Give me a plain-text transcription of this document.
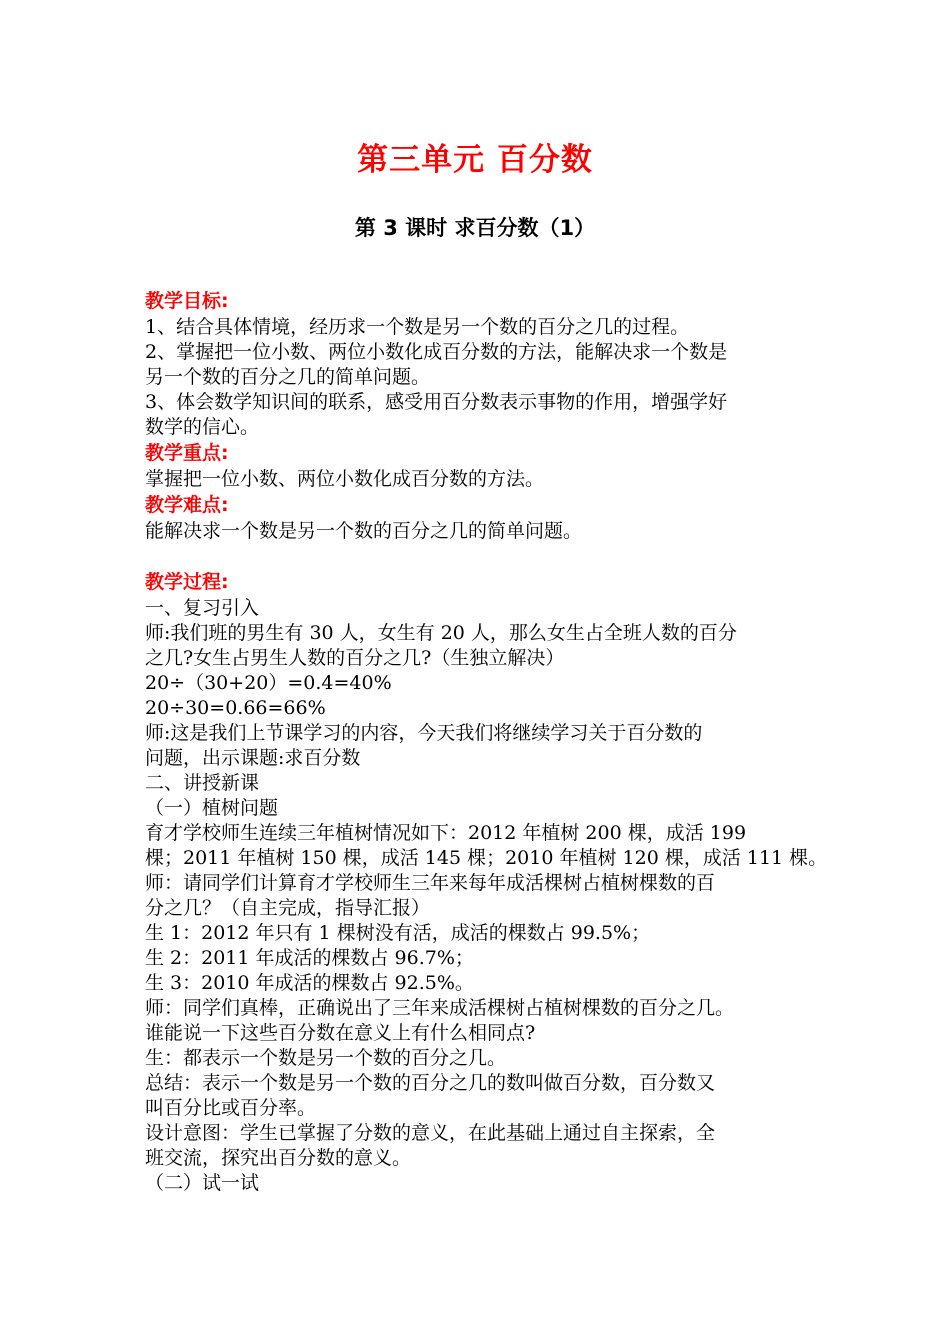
第三单元 百分数
第 3 课时 求百分数（1）

教学目标:

1、结合具体情境，经历求一个数是另一个数的百分之几的过程。

2、掌握把一位小数、两位小数化成百分数的方法，能解决求一个数是

另一个数的百分之几的简单问题。

3、体会数学知识间的联系，感受用百分数表示事物的作用，增强学好

数学的信心。

教学重点:

掌握把一位小数、两位小数化成百分数的方法。

教学难点:

能解决求一个数是另一个数的百分之几的简单问题。

教学过程:

一、复习引入

师:我们班的男生有 30 人，女生有 20 人，那么女生占全班人数的百分

之几?女生占男生人数的百分之几?（生独立解决）

20÷（30+20）=0.4=40%

20÷30=0.66=66%

师:这是我们上节课学习的内容，今天我们将继续学习关于百分数的

问题，出示课题:求百分数

二、讲授新课

（一）植树问题

育才学校师生连续三年植树情况如下：2012 年植树 200 棵，成活 199

棵；2011 年植树 150 棵，成活 145 棵；2010 年植树 120 棵，成活 111 棵。

师：请同学们计算育才学校师生三年来每年成活棵树占植树棵数的百

分之几？（自主完成，指导汇报）

生 1：2012 年只有 1 棵树没有活，成活的棵数占 99.5%；

生 2：2011 年成活的棵数占 96.7%；

生 3：2010 年成活的棵数占 92.5%。

师：同学们真棒，正确说出了三年来成活棵树占植树棵数的百分之几。

谁能说一下这些百分数在意义上有什么相同点?

生：都表示一个数是另一个数的百分之几。

总结：表示一个数是另一个数的百分之几的数叫做百分数，百分数又

叫百分比或百分率。

设计意图：学生已掌握了分数的意义，在此基础上通过自主探索，全

班交流，探究出百分数的意义。

（二）试一试
